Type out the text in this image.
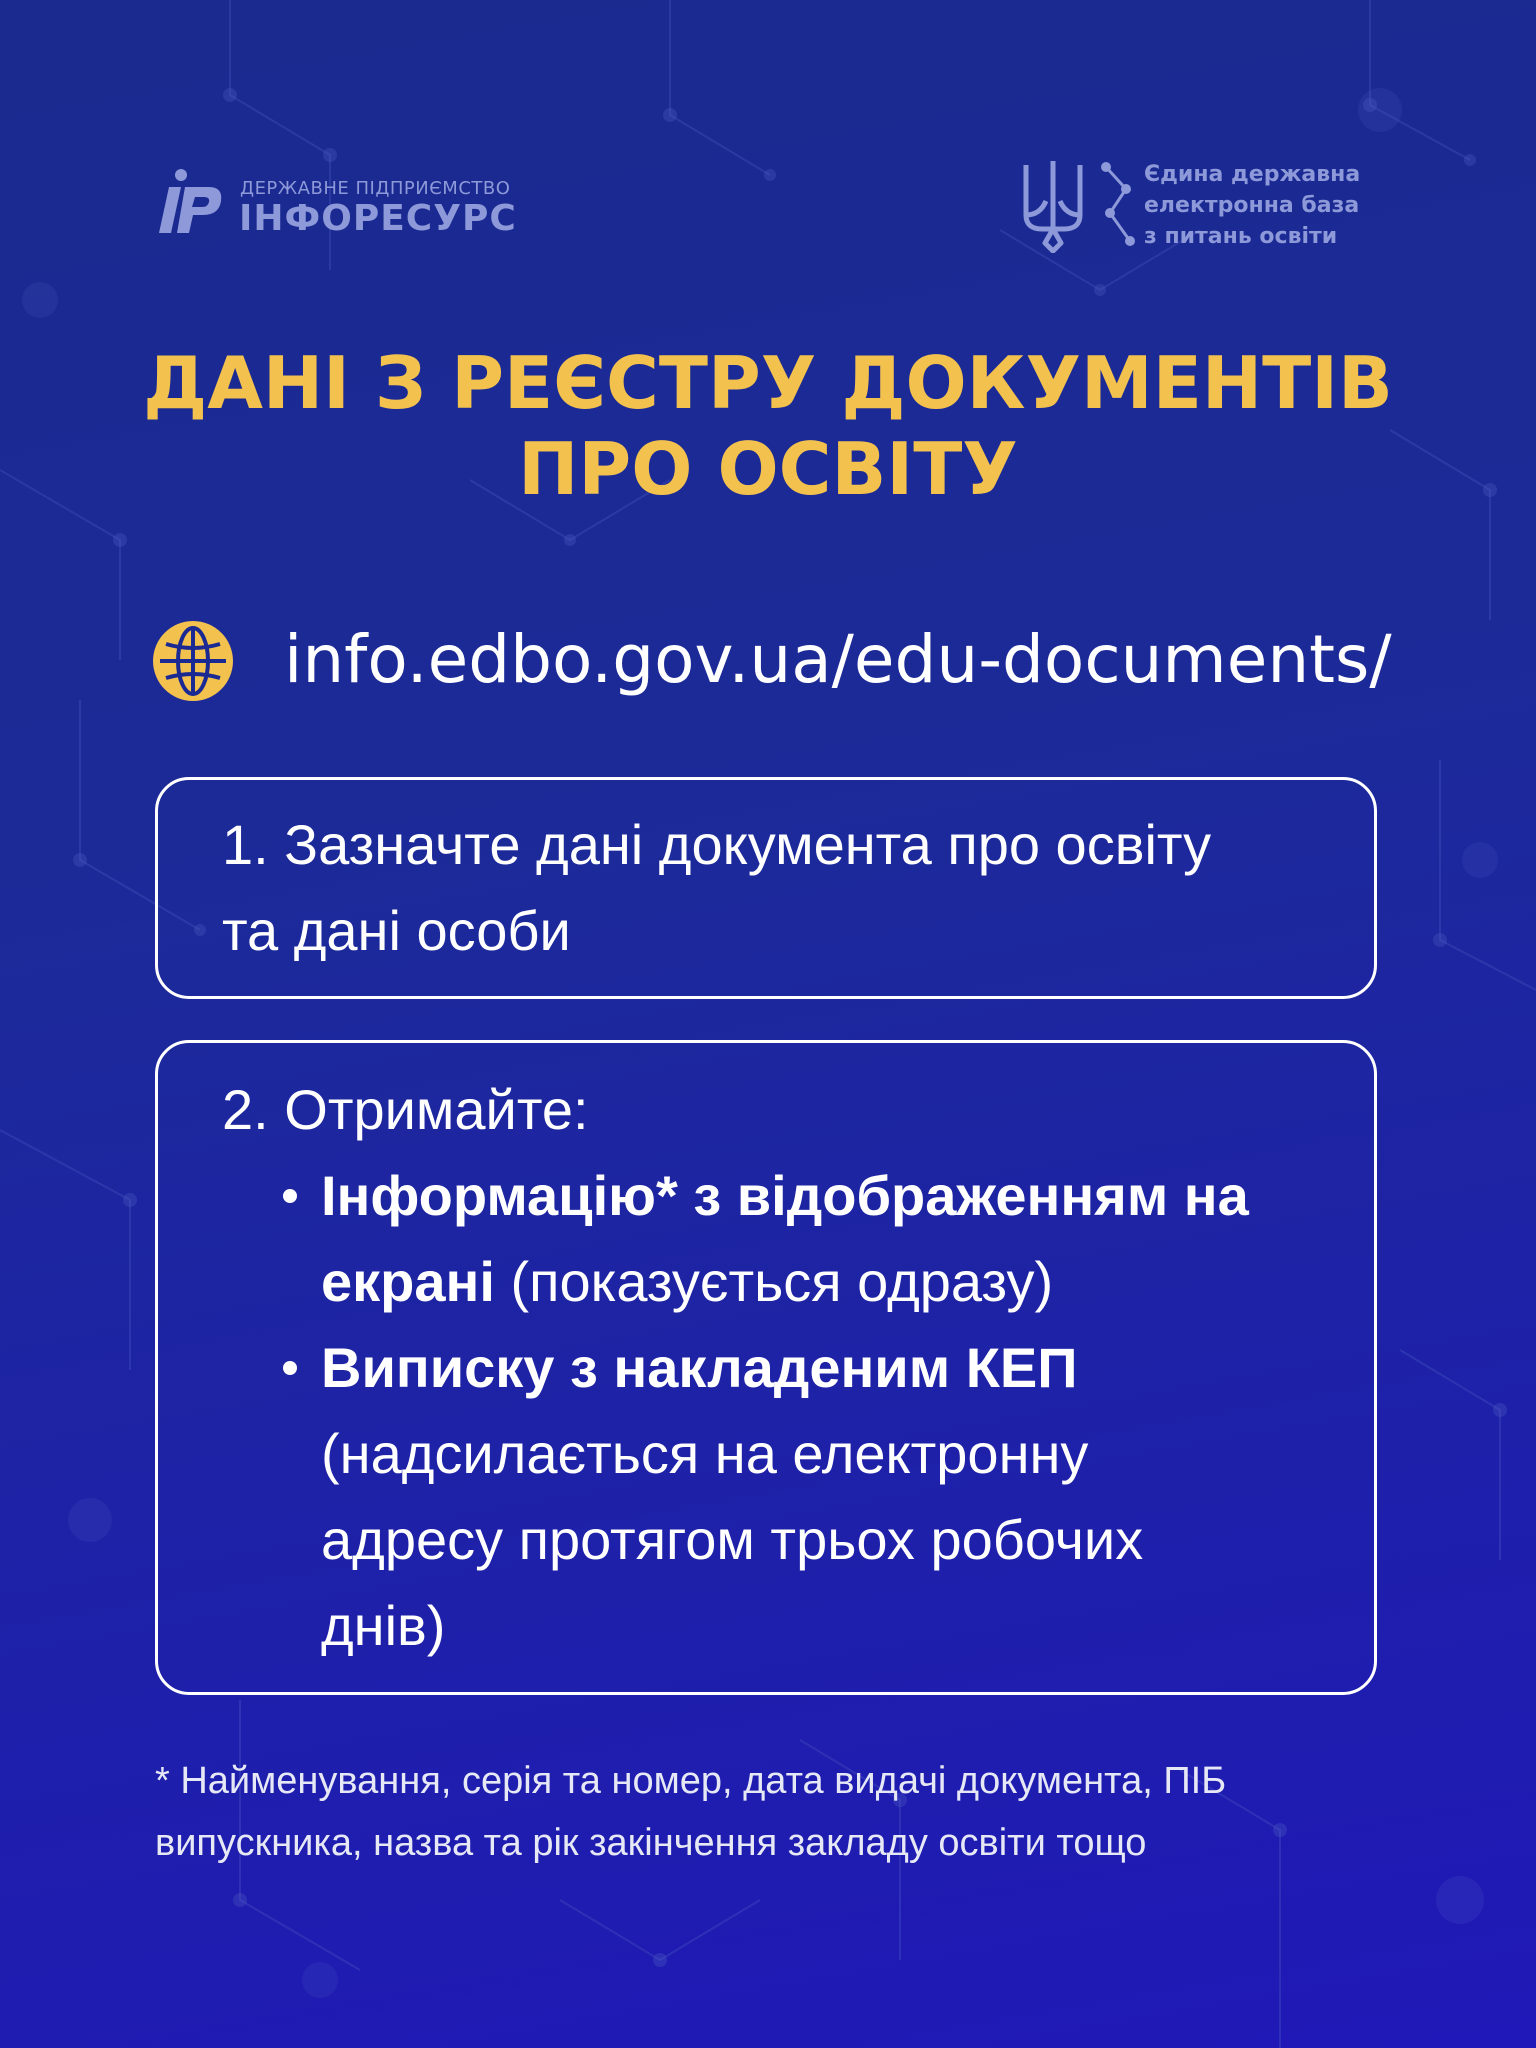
ДЕРЖАВНЕ ПІДПРИЄМСТВО
ІНФОРЕСУРС
Єдина державна
електронна база
з питань освіти
ДАНІ З РЕЄСТРУ ДОКУМЕНТІВ
ПРО ОСВІТУ
info.edbo.gov.ua/edu-documents/
1. Зазначте дані документа про освіту
та дані особи
2. Отримайте:
Інформацію* з відображенням на
екрані (показується одразу)
Виписку з накладеним КЕП
(надсилається на електронну
адресу протягом трьох робочих
днів)
* Найменування, серія та номер, дата видачі документа, ПІБ
випускника, назва та рік закінчення закладу освіти тощо
